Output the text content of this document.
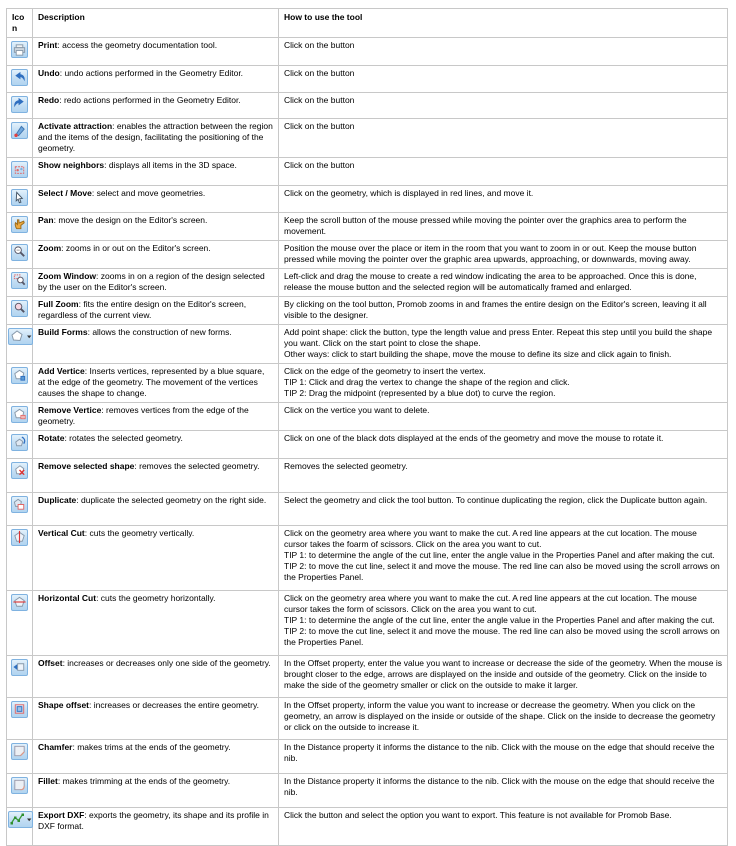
Icon	Description	How to use the tool

	Print: access the geometry documentation tool.	Click on the button

	Undo: undo actions performed in the Geometry Editor.	Click on the button

	Redo: redo actions performed in the Geometry Editor.	Click on the button

	Activate attraction: enables the attraction between the region and the items of the design, facilitating the positioning of the geometry.	Click on the button

	Show neighbors: displays all items in the 3D space.	Click on the button

	Select / Move: select and move geometries.	Click on the geometry, which is displayed in red lines, and move it.

	Pan: move the design on the Editor's screen.	Keep the scroll button of the mouse pressed while moving the pointer over the graphics area to perform the movement.

	Zoom: zooms in or out on the Editor's screen.	Position the mouse over the place or item in the room that you want to zoom in or out. Keep the mouse button pressed while moving the pointer over the graphic area upwards, approaching, or downwards, moving away.

	Zoom Window: zooms in on a region of the design selected by the user on the Editor's screen.	Left-click and drag the mouse to create a red window indicating the area to be approached. Once this is done, release the mouse button and the selected region will be automatically framed and enlarged.

	Full Zoom: fits the entire design on the Editor's screen, regardless of the current view.	By clicking on the tool button, Promob zooms in and frames the entire design on the Editor's screen, leaving it all visible to the designer.

	Build Forms: allows the construction of new forms.	Add point shape: click the button, type the length value and press Enter. Repeat this step until you build the shape you want. Click on the start point to close the shape.
Other ways: click to start building the shape, move the mouse to define its size and click again to finish.

	Add Vertice: Inserts vertices, represented by a blue square, at the edge of the geometry. The movement of the vertices causes the shape to change.	Click on the edge of the geometry to insert the vertex.
TIP 1: Click and drag the vertex to change the shape of the region and click.
TIP 2: Drag the midpoint (represented by a blue dot) to curve the region.

	Remove Vertice: removes vertices from the edge of the geometry.	Click on the vertice you want to delete.

	Rotate: rotates the selected geometry.	Click on one of the black dots displayed at the ends of the geometry and move the mouse to rotate it.

	Remove selected shape: removes the selected geometry.	Removes the selected geometry.

	Duplicate: duplicate the selected geometry on the right side.	Select the geometry and click the tool button. To continue duplicating the region, click the Duplicate button again.

	Vertical Cut: cuts the geometry vertically.	Click on the geometry area where you want to make the cut. A red line appears at the cut location. The mouse cursor takes the foarm of scissors. Click on the area you want to cut.
TIP 1: to determine the angle of the cut line, enter the angle value in the Properties Panel and after making the cut.
TIP 2: to move the cut line, select it and move the mouse. The red line can also be moved using the scroll arrows on the Properties Panel.

	Horizontal Cut: cuts the geometry horizontally.	Click on the geometry area where you want to make the cut. A red line appears at the cut location. The mouse cursor takes the form of scissors. Click on the area you want to cut.
TIP 1: to determine the angle of the cut line, enter the angle value in the Properties Panel and after making the cut.
TIP 2: to move the cut line, select it and move the mouse. The red line can also be moved using the scroll arrows on the Properties Panel.

	Offset: increases or decreases only one side of the geometry.	In the Offset property, enter the value you want to increase or decrease the side of the geometry. When the mouse is brought closer to the edge, arrows are displayed on the inside and outside of the geometry. Click on the inside to make the side of the geometry smaller or click on the outside to make it larger.

	Shape offset: increases or decreases the entire geometry.	In the Offset property, inform the value you want to increase or decrease the geometry. When you click on the geometry, an arrow is displayed on the inside or outside of the shape. Click on the inside to decrease the geometry or click on the outside to increase it.

	Chamfer: makes trims at the ends of the geometry.	In the Distance property it informs the distance to the nib. Click with the mouse on the edge that should receive the nib.

	Fillet: makes trimming at the ends of the geometry.	In the Distance property it informs the distance to the nib. Click with the mouse on the edge that should receive the nib.

	Export DXF: exports the geometry, its shape and its profile in DXF format.	Click the button and select the option you want to export. This feature is not available for Promob Base.
